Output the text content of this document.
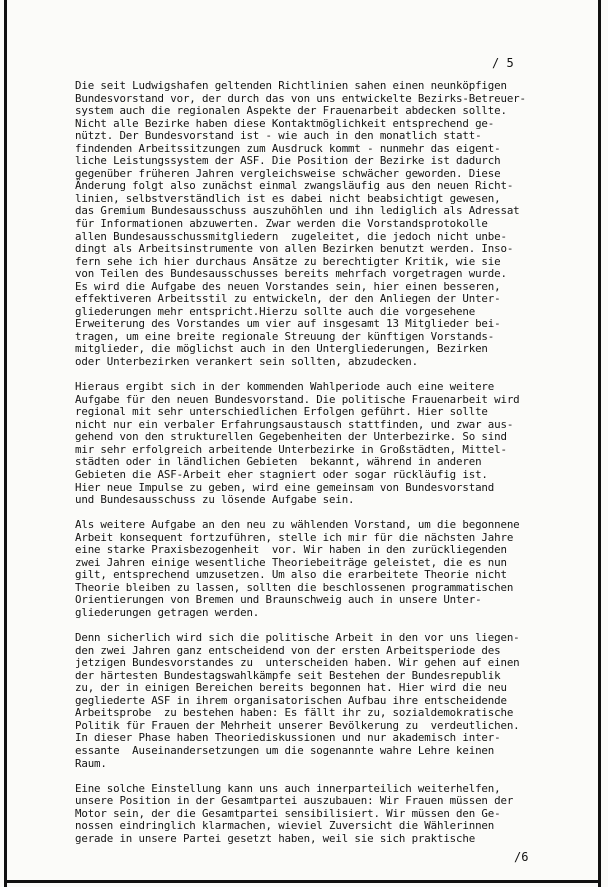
/ 5
Die seit Ludwigshafen geltenden Richtlinien sahen einen neunköpfigen
Bundesvorstand vor, der durch das von uns entwickelte Bezirks-Betreuer-
system auch die regionalen Aspekte der Frauenarbeit abdecken sollte.
Nicht alle Bezirke haben diese Kontaktmöglichkeit entsprechend ge-
nützt. Der Bundesvorstand ist - wie auch in den monatlich statt-
findenden Arbeitssitzungen zum Ausdruck kommt - nunmehr das eigent-
liche Leistungssystem der ASF. Die Position der Bezirke ist dadurch
gegenüber früheren Jahren vergleichsweise schwächer geworden. Diese
Änderung folgt also zunächst einmal zwangsläufig aus den neuen Richt-
linien, selbstverständlich ist es dabei nicht beabsichtigt gewesen,
das Gremium Bundesausschuss auszuhöhlen und ihn lediglich als Adressat
für Informationen abzuwerten. Zwar werden die Vorstandsprotokolle
allen Bundesausschussmitgliedern  zugeleitet, die jedoch nicht unbe-
dingt als Arbeitsinstrumente von allen Bezirken benutzt werden. Inso-
fern sehe ich hier durchaus Ansätze zu berechtigter Kritik, wie sie
von Teilen des Bundesausschusses bereits mehrfach vorgetragen wurde.
Es wird die Aufgabe des neuen Vorstandes sein, hier einen besseren,
effektiveren Arbeitsstil zu entwickeln, der den Anliegen der Unter-
gliederungen mehr entspricht.Hierzu sollte auch die vorgesehene
Erweiterung des Vorstandes um vier auf insgesamt 13 Mitglieder bei-
tragen, um eine breite regionale Streuung der künftigen Vorstands-
mitglieder, die möglichst auch in den Untergliederungen, Bezirken
oder Unterbezirken verankert sein sollten, abzudecken.
Hieraus ergibt sich in der kommenden Wahlperiode auch eine weitere
Aufgabe für den neuen Bundesvorstand. Die politische Frauenarbeit wird
regional mit sehr unterschiedlichen Erfolgen geführt. Hier sollte
nicht nur ein verbaler Erfahrungsaustausch stattfinden, und zwar aus-
gehend von den strukturellen Gegebenheiten der Unterbezirke. So sind
mir sehr erfolgreich arbeitende Unterbezirke in Großstädten, Mittel-
städten oder in ländlichen Gebieten  bekannt, während in anderen
Gebieten die ASF-Arbeit eher stagniert oder sogar rückläufig ist.
Hier neue Impulse zu geben, wird eine gemeinsam von Bundesvorstand
und Bundesausschuss zu lösende Aufgabe sein.
Als weitere Aufgabe an den neu zu wählenden Vorstand, um die begonnene
Arbeit konsequent fortzuführen, stelle ich mir für die nächsten Jahre
eine starke Praxisbezogenheit  vor. Wir haben in den zurückliegenden
zwei Jahren einige wesentliche Theoriebeiträge geleistet, die es nun
gilt, entsprechend umzusetzen. Um also die erarbeitete Theorie nicht
Theorie bleiben zu lassen, sollten die beschlossenen programmatischen
Orientierungen von Bremen und Braunschweig auch in unsere Unter-
gliederungen getragen werden.
Denn sicherlich wird sich die politische Arbeit in den vor uns liegen-
den zwei Jahren ganz entscheidend von der ersten Arbeitsperiode des
jetzigen Bundesvorstandes zu  unterscheiden haben. Wir gehen auf einen
der härtesten Bundestagswahlkämpfe seit Bestehen der Bundesrepublik
zu, der in einigen Bereichen bereits begonnen hat. Hier wird die neu
gegliederte ASF in ihrem organisatorischen Aufbau ihre entscheidende
Arbeitsprobe  zu bestehen haben: Es fällt ihr zu, sozialdemokratische
Politik für Frauen der Mehrheit unserer Bevölkerung zu  verdeutlichen.
In dieser Phase haben Theoriediskussionen und nur akademisch inter-
essante  Auseinandersetzungen um die sogenannte wahre Lehre keinen
Raum.
Eine solche Einstellung kann uns auch innerparteilich weiterhelfen,
unsere Position in der Gesamtpartei auszubauen: Wir Frauen müssen der
Motor sein, der die Gesamtpartei sensibilisiert. Wir müssen den Ge-
nossen eindringlich klarmachen, wieviel Zuversicht die Wählerinnen
gerade in unsere Partei gesetzt haben, weil sie sich praktische
/6
